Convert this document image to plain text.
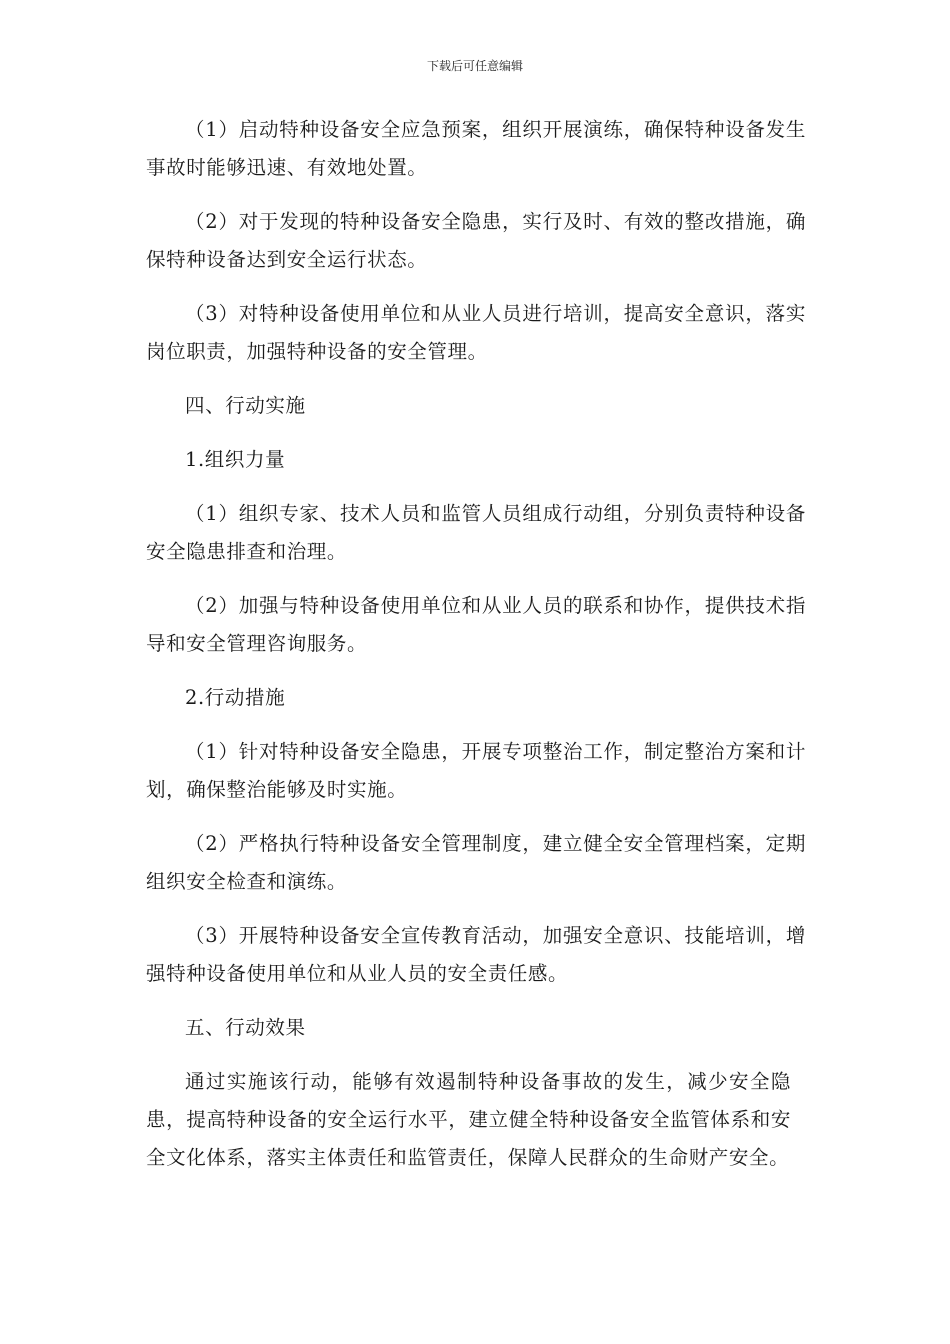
下载后可任意编辑

（1）启动特种设备安全应急预案，组织开展演练，确保特种设备发生事故时能够迅速、有效地处置。

（2）对于发现的特种设备安全隐患，实行及时、有效的整改措施，确保特种设备达到安全运行状态。

（3）对特种设备使用单位和从业人员进行培训，提高安全意识，落实岗位职责，加强特种设备的安全管理。

四、行动实施

1.组织力量

（1）组织专家、技术人员和监管人员组成行动组，分别负责特种设备安全隐患排查和治理。

（2）加强与特种设备使用单位和从业人员的联系和协作，提供技术指导和安全管理咨询服务。

2.行动措施

（1）针对特种设备安全隐患，开展专项整治工作，制定整治方案和计划，确保整治能够及时实施。

（2）严格执行特种设备安全管理制度，建立健全安全管理档案，定期组织安全检查和演练。

（3）开展特种设备安全宣传教育活动，加强安全意识、技能培训，增强特种设备使用单位和从业人员的安全责任感。

五、行动效果

通过实施该行动，能够有效遏制特种设备事故的发生，减少安全隐患，提高特种设备的安全运行水平，建立健全特种设备安全监管体系和安全文化体系，落实主体责任和监管责任，保障人民群众的生命财产安全。
